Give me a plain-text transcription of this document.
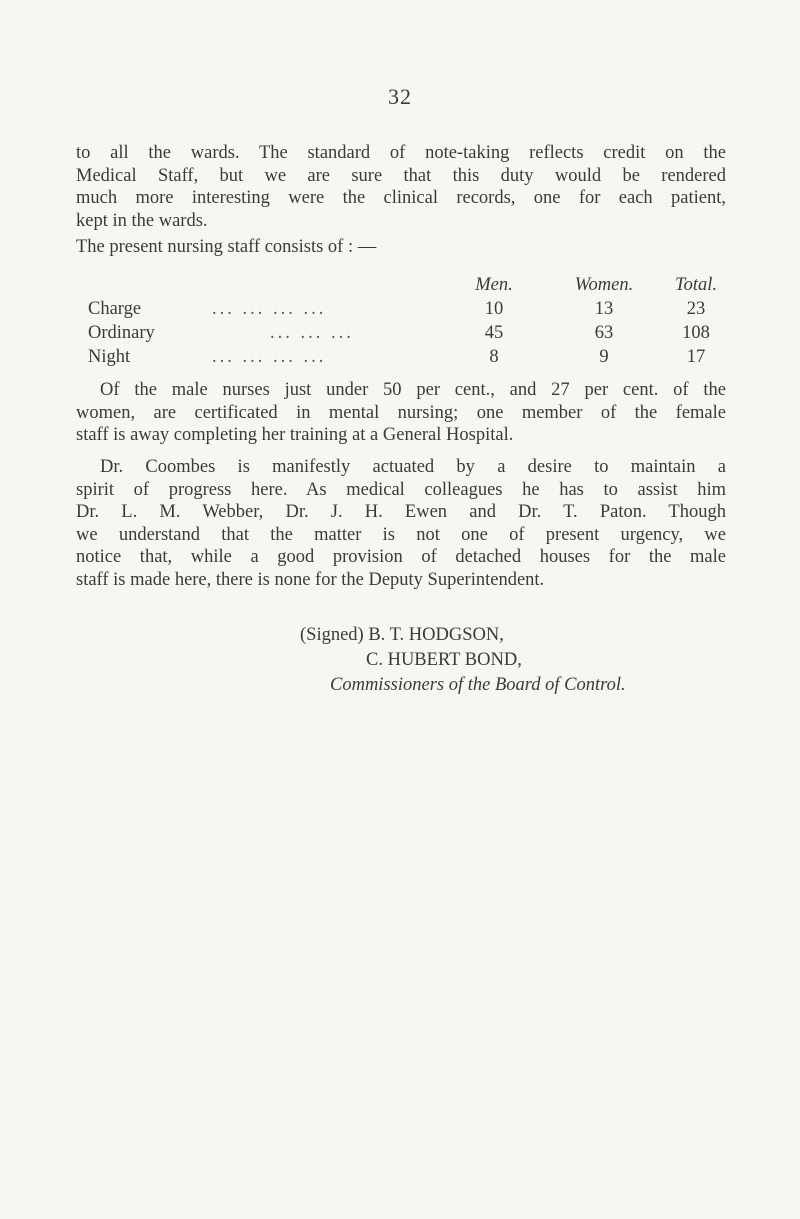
32
to all the wards. The standard of note-taking reflects credit on the
Medical Staff, but we are sure that this duty would be rendered
much more interesting were the clinical records, one for each patient,
kept in the wards.
The present nursing staff consists of : —
Men.	Women.	Total.
Charge	... ... ... ...	10	13	23
Ordinary	... ... ...	45	63	108
Night	... ... ... ...	8	9	17
Of the male nurses just under 50 per cent., and 27 per cent. of the
women, are certificated in mental nursing; one member of the female
staff is away completing her training at a General Hospital.
Dr. Coombes is manifestly actuated by a desire to maintain a
spirit of progress here. As medical colleagues he has to assist him
Dr. L. M. Webber, Dr. J. H. Ewen and Dr. T. Paton. Though
we understand that the matter is not one of present urgency, we
notice that, while a good provision of detached houses for the male
staff is made here, there is none for the Deputy Superintendent.
(Signed) B. T. HODGSON,
C. HUBERT BOND,
Commissioners of the Board of Control.
